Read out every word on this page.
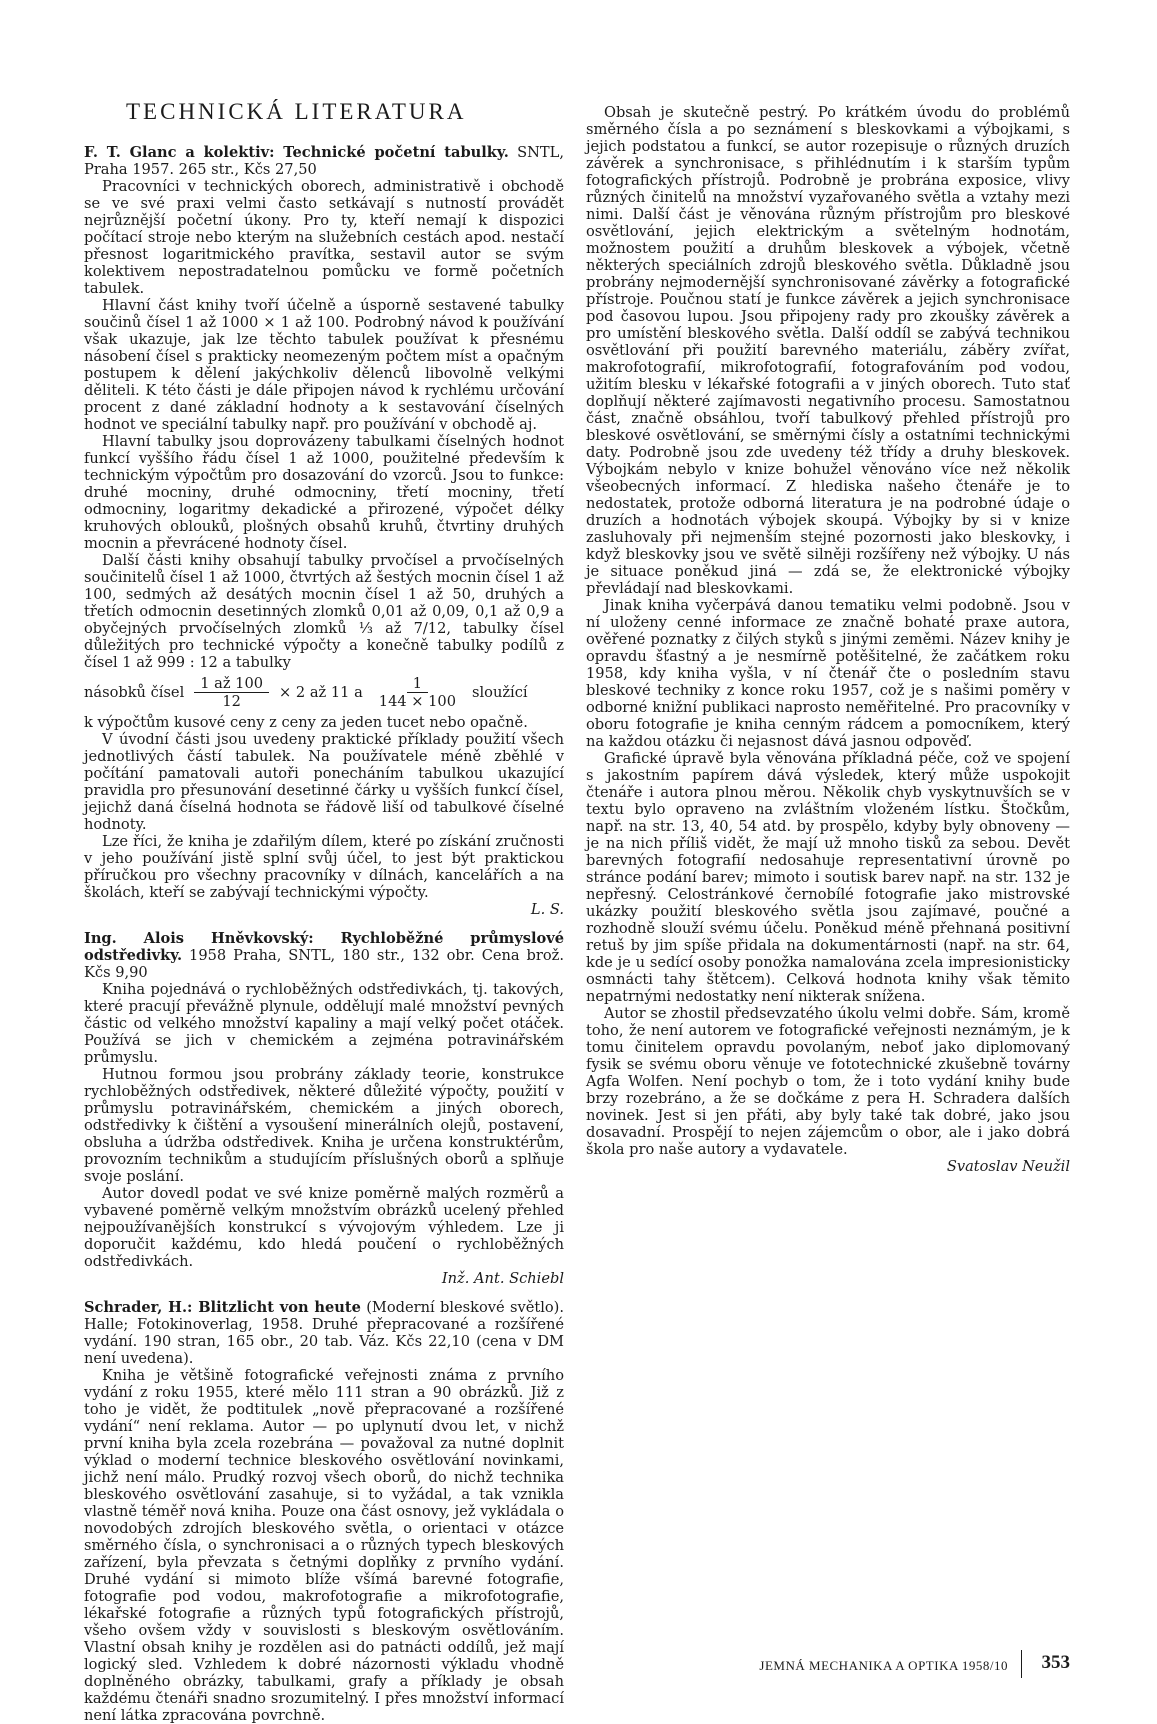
TECHNICKÁ LITERATURA

F. T. Glanc a kolektiv: Technické početní tabulky. SNTL, Praha 1957. 265 str., Kčs 27,50

Pracovníci v technických oborech, administrativě i obchodě se ve své praxi velmi často setkávají s nutností provádět nejrůznější početní úkony. Pro ty, kteří nemají k dispozici počítací stroje nebo kterým na služebních cestách apod. nestačí přesnost logaritmického pravítka, sestavil autor se svým kolektivem nepostradatelnou pomůcku ve formě početních tabulek.

Hlavní část knihy tvoří účelně a úsporně sestavené tabulky součinů čísel 1 až 1000 × 1 až 100. Podrobný návod k používání však ukazuje, jak lze těchto tabulek používat k přesnému násobení čísel s prakticky neomezeným počtem míst a opačným postupem k dělení jakýchkoliv dělenců libovolně velkými děliteli. K této části je dále připojen návod k rychlému určování procent z dané základní hodnoty a k sestavování číselných hodnot ve speciální tabulky např. pro používání v obchodě aj.

Hlavní tabulky jsou doprovázeny tabulkami číselných hodnot funkcí vyššího řádu čísel 1 až 1000, použitelné především k technickým výpočtům pro dosazování do vzorců. Jsou to funkce: druhé mocniny, druhé odmocniny, třetí mocniny, třetí odmocniny, logaritmy dekadické a přirozené, výpočet délky kruhových oblouků, plošných obsahů kruhů, čtvrtiny druhých mocnin a převrácené hodnoty čísel.

Další části knihy obsahují tabulky prvočísel a prvočíselných součinitelů čísel 1 až 1000, čtvrtých až šestých mocnin čísel 1 až 100, sedmých až desátých mocnin čísel 1 až 50, druhých a třetích odmocnin desetinných zlomků 0,01 až 0,09, 0,1 až 0,9 a obyčejných prvočíselných zlomků ⅓ až 7/12, tabulky čísel důležitých pro technické výpočty a konečně tabulky podílů z čísel 1 až 999 : 12 a tabulky

násobků čísel $\frac{1 až 100}{12} \times 2$ až 11 a $\frac{1}{144 \times 100}$ sloužící

k výpočtům kusové ceny z ceny za jeden tucet nebo opačně.

V úvodní části jsou uvedeny praktické příklady použití všech jednotlivých částí tabulek. Na používatele méně zběhlé v počítání pamatovali autoři ponecháním tabulkou ukazující pravidla pro přesunování desetinné čárky u vyšších funkcí čísel, jejichž daná číselná hodnota se řádově liší od tabulkové číselné hodnoty.

Lze říci, že kniha je zdařilým dílem, které po získání zručnosti v jeho používání jistě splní svůj účel, to jest být praktickou příručkou pro všechny pracovníky v dílnách, kancelářích a na školách, kteří se zabývají technickými výpočty.

L. S.

Ing. Alois Hněvkovský: Rychloběžné průmyslové odstředivky. 1958 Praha, SNTL, 180 str., 132 obr. Cena brož. Kčs 9,90

Kniha pojednává o rychloběžných odstředivkách, tj. takových, které pracují převážně plynule, oddělují malé množství pevných částic od velkého množství kapaliny a mají velký počet otáček. Používá se jich v chemickém a zejména potravinářském průmyslu.

Hutnou formou jsou probrány základy teorie, konstrukce rychloběžných odstředivek, některé důležité výpočty, použití v průmyslu potravinářském, chemickém a jiných oborech, odstředivky k čištění a vysoušení minerálních olejů, postavení, obsluha a údržba odstředivek. Kniha je určena konstruktérům, provozním technikům a studujícím příslušných oborů a splňuje svoje poslání.

Autor dovedl podat ve své knize poměrně malých rozměrů a vybavené poměrně velkým množstvím obrázků ucelený přehled nejpoužívanějších konstrukcí s vývojovým výhledem. Lze ji doporučit každému, kdo hledá poučení o rychloběžných odstředivkách.

Inž. Ant. Schiebl

Schrader, H.: Blitzlicht von heute (Moderní bleskové světlo). Halle; Fotokinoverlag, 1958. Druhé přepracované a rozšířené vydání. 190 stran, 165 obr., 20 tab. Váz. Kčs 22,10 (cena v DM není uvedena).

Kniha je většině fotografické veřejnosti známa z prvního vydání z roku 1955, které mělo 111 stran a 90 obrázků. Již z toho je vidět, že podtitulek „nově přepracované a rozšířené vydání“ není reklama. Autor — po uplynutí dvou let, v nichž první kniha byla zcela rozebrána — považoval za nutné doplnit výklad o moderní technice bleskového osvětlování novinkami, jichž není málo. Prudký rozvoj všech oborů, do nichž technika bleskového osvětlování zasahuje, si to vyžádal, a tak vznikla vlastně téměř nová kniha. Pouze ona část osnovy, jež vykládala o novodobých zdrojích bleskového světla, o orientaci v otázce směrného čísla, o synchronisaci a o různých typech bleskových zařízení, byla převzata s četnými doplňky z prvního vydání. Druhé vydání si mimoto blíže všímá barevné fotografie, fotografie pod vodou, makrofotografie a mikrofotografie, lékařské fotografie a různých typů fotografických přístrojů, všeho ovšem vždy v souvislosti s bleskovým osvětlováním. Vlastní obsah knihy je rozdělen asi do patnácti oddílů, jež mají logický sled. Vzhledem k dobré názornosti výkladu vhodně doplněného obrázky, tabulkami, grafy a příklady je obsah každému čtenáři snadno srozumitelný. I přes množství informací není látka zpracována povrchně.

Obsah je skutečně pestrý. Po krátkém úvodu do problémů směrného čísla a po seznámení s bleskovkami a výbojkami, s jejich podstatou a funkcí, se autor rozepisuje o různých druzích závěrek a synchronisace, s přihlédnutím i k starším typům fotografických přístrojů. Podrobně je probrána exposice, vlivy různých činitelů na množství vyzařovaného světla a vztahy mezi nimi. Další část je věnována různým přístrojům pro bleskové osvětlování, jejich elektrickým a světelným hodnotám, možnostem použití a druhům bleskovek a výbojek, včetně některých speciálních zdrojů bleskového světla. Důkladně jsou probrány nejmodernější synchronisované závěrky a fotografické přístroje. Poučnou statí je funkce závěrek a jejich synchronisace pod časovou lupou. Jsou připojeny rady pro zkoušky závěrek a pro umístění bleskového světla. Další oddíl se zabývá technikou osvětlování při použití barevného materiálu, záběry zvířat, makrofotografií, mikrofotografií, fotografováním pod vodou, užitím blesku v lékařské fotografii a v jiných oborech. Tuto stať doplňují některé zajímavosti negativního procesu. Samostatnou část, značně obsáhlou, tvoří tabulkový přehled přístrojů pro bleskové osvětlování, se směrnými čísly a ostatními technickými daty. Podrobně jsou zde uvedeny též třídy a druhy bleskovek. Výbojkám nebylo v knize bohužel věnováno více než několik všeobecných informací. Z hlediska našeho čtenáře je to nedostatek, protože odborná literatura je na podrobné údaje o druzích a hodnotách výbojek skoupá. Výbojky by si v knize zasluhovaly při nejmenším stejné pozornosti jako bleskovky, i když bleskovky jsou ve světě silněji rozšířeny než výbojky. U nás je situace poněkud jiná — zdá se, že elektronické výbojky převládají nad bleskovkami.

Jinak kniha vyčerpává danou tematiku velmi podobně. Jsou v ní uloženy cenné informace ze značně bohaté praxe autora, ověřené poznatky z čilých styků s jinými zeměmi. Název knihy je opravdu šťastný a je nesmírně potěšitelné, že začátkem roku 1958, kdy kniha vyšla, v ní čtenář čte o posledním stavu bleskové techniky z konce roku 1957, což je s našimi poměry v odborné knižní publikaci naprosto neměřitelné. Pro pracovníky v oboru fotografie je kniha cenným rádcem a pomocníkem, který na každou otázku či nejasnost dává jasnou odpověď.

Grafické úpravě byla věnována příkladná péče, což ve spojení s jakostním papírem dává výsledek, který může uspokojit čtenáře i autora plnou měrou. Několik chyb vyskytnuvších se v textu bylo opraveno na zvláštním vloženém lístku. Štočkům, např. na str. 13, 40, 54 atd. by prospělo, kdyby byly obnoveny — je na nich příliš vidět, že mají už mnoho tisků za sebou. Devět barevných fotografií nedosahuje representativní úrovně po stránce podání barev; mimoto i soutisk barev např. na str. 132 je nepřesný. Celostránkové černobílé fotografie jako mistrovské ukázky použití bleskového světla jsou zajímavé, poučné a rozhodně slouží svému účelu. Poněkud méně přehnaná positivní retuš by jim spíše přidala na dokumentárnosti (např. na str. 64, kde je u sedící osoby ponožka namalována zcela impresionisticky osmnácti tahy štětcem). Celková hodnota knihy však těmito nepatrnými nedostatky není nikterak snížena.

Autor se zhostil předsevzatého úkolu velmi dobře. Sám, kromě toho, že není autorem ve fotografické veřejnosti neznámým, je k tomu činitelem opravdu povolaným, neboť jako diplomovaný fysik se svému oboru věnuje ve fototechnické zkušebně továrny Agfa Wolfen. Není pochyb o tom, že i toto vydání knihy bude brzy rozebráno, a že se dočkáme z pera H. Schradera dalších novinek. Jest si jen přáti, aby byly také tak dobré, jako jsou dosavadní. Prospějí to nejen zájemcům o obor, ale i jako dobrá škola pro naše autory a vydavatele.

Svatoslav Neužil

JEMNÁ MECHANIKA A OPTIKA 1958/10 353
